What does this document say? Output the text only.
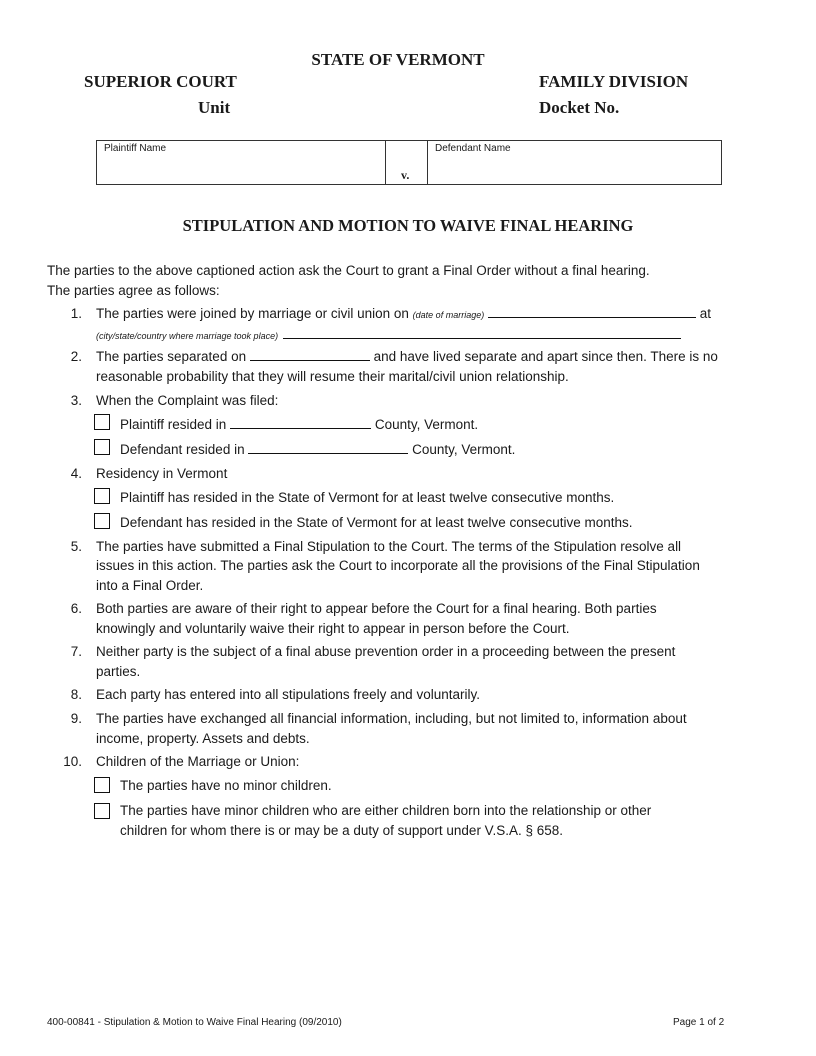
STATE OF VERMONT
SUPERIOR COURT	FAMILY DIVISION
Unit	Docket No.
Plaintiff Name
v.
Defendant Name
STIPULATION AND MOTION TO WAIVE FINAL HEARING
The parties to the above captioned action ask the Court to grant a Final Order without a final hearing.
The parties agree as follows:
1. The parties were joined by marriage or civil union on (date of marriage)	at
(city/state/country where marriage took place)
2. The parties separated on	and have lived separate and apart since then. There is no
reasonable probability that they will resume their marital/civil union relationship.
3. When the Complaint was filed:
Plaintiff resided in	County, Vermont.
Defendant resided in	County, Vermont.
4. Residency in Vermont
Plaintiff has resided in the State of Vermont for at least twelve consecutive months.
Defendant has resided in the State of Vermont for at least twelve consecutive months.
5. The parties have submitted a Final Stipulation to the Court. The terms of the Stipulation resolve all
issues in this action. The parties ask the Court to incorporate all the provisions of the Final Stipulation
into a Final Order.
6. Both parties are aware of their right to appear before the Court for a final hearing. Both parties
knowingly and voluntarily waive their right to appear in person before the Court.
7. Neither party is the subject of a final abuse prevention order in a proceeding between the present
parties.
8. Each party has entered into all stipulations freely and voluntarily.
9. The parties have exchanged all financial information, including, but not limited to, information about
income, property. Assets and debts.
10. Children of the Marriage or Union:
The parties have no minor children.
The parties have minor children who are either children born into the relationship or other
children for whom there is or may be a duty of support under V.S.A. § 658.
400-00841 - Stipulation & Motion to Waive Final Hearing (09/2010)	Page 1 of 2
